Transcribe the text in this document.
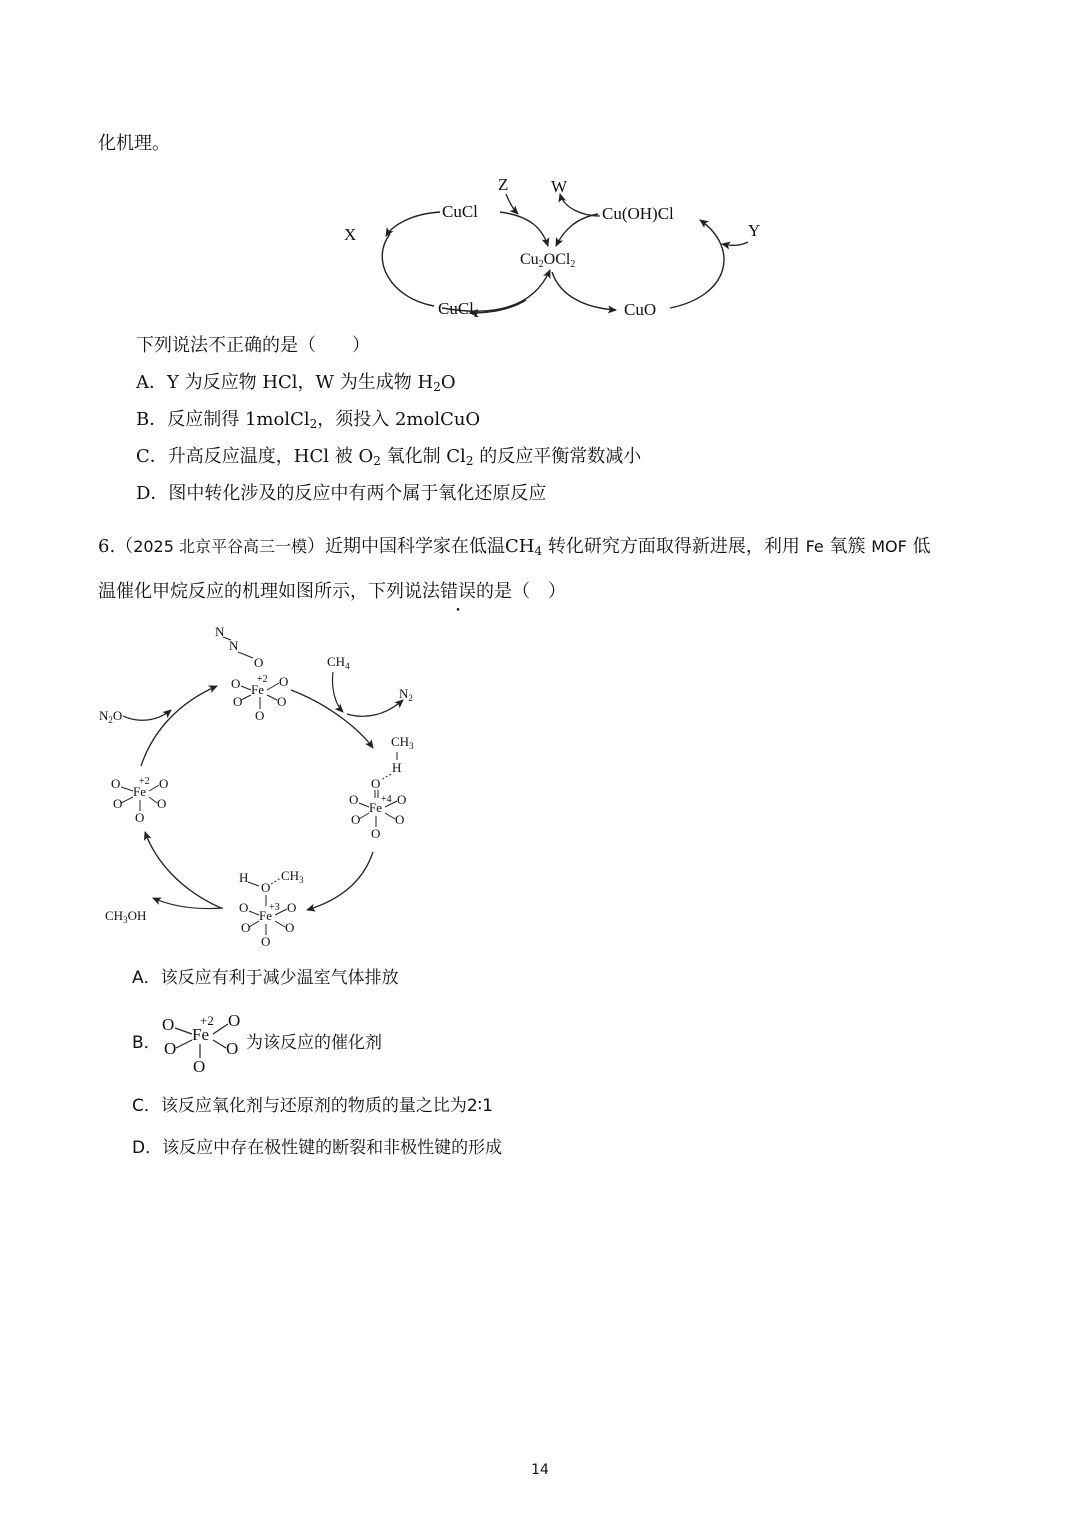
化机理。
CuCl	Cu(OH)Cl
Z	W
X	Y
Cu2OCl2
CuCl2	CuO
下列说法不正确的是（　　）
A．Y 为反应物 HCl，W 为生成物 $H_2O$
B．反应制得 1molCl$_2$，须投入 2molCuO
C．升高反应温度，HCl 被 $O_2$ 氧化制 $Cl_2$ 的反应平衡常数减小
D．图中转化涉及的反应中有两个属于氧化还原反应
6.（2025 北京平谷高三一模）近期中国科学家在低温$CH_4$ 转化研究方面取得新进展，利用 Fe 氧簇 MOF 低
温催化甲烷反应的机理如图所示，下列说法错误的是（　）
N
N
O
O Fe
+2 O
O	O
O
$CH_4$
$N_2$
$N_2O$
O
Fe
+2 O
O	O
O
$CH_3$
H
O
+4
O
Fe
O
O	O
O
H
O
$CH_3$
+3
O
Fe
O
O	O
O
$CH_3OH$
A．该反应有利于减少温室气体排放
B．
O
Fe
+2 O
O	O
O
为该反应的催化剂
C．该反应氧化剂与还原剂的物质的量之比为2∶1
D．该反应中存在极性键的断裂和非极性键的形成
14
